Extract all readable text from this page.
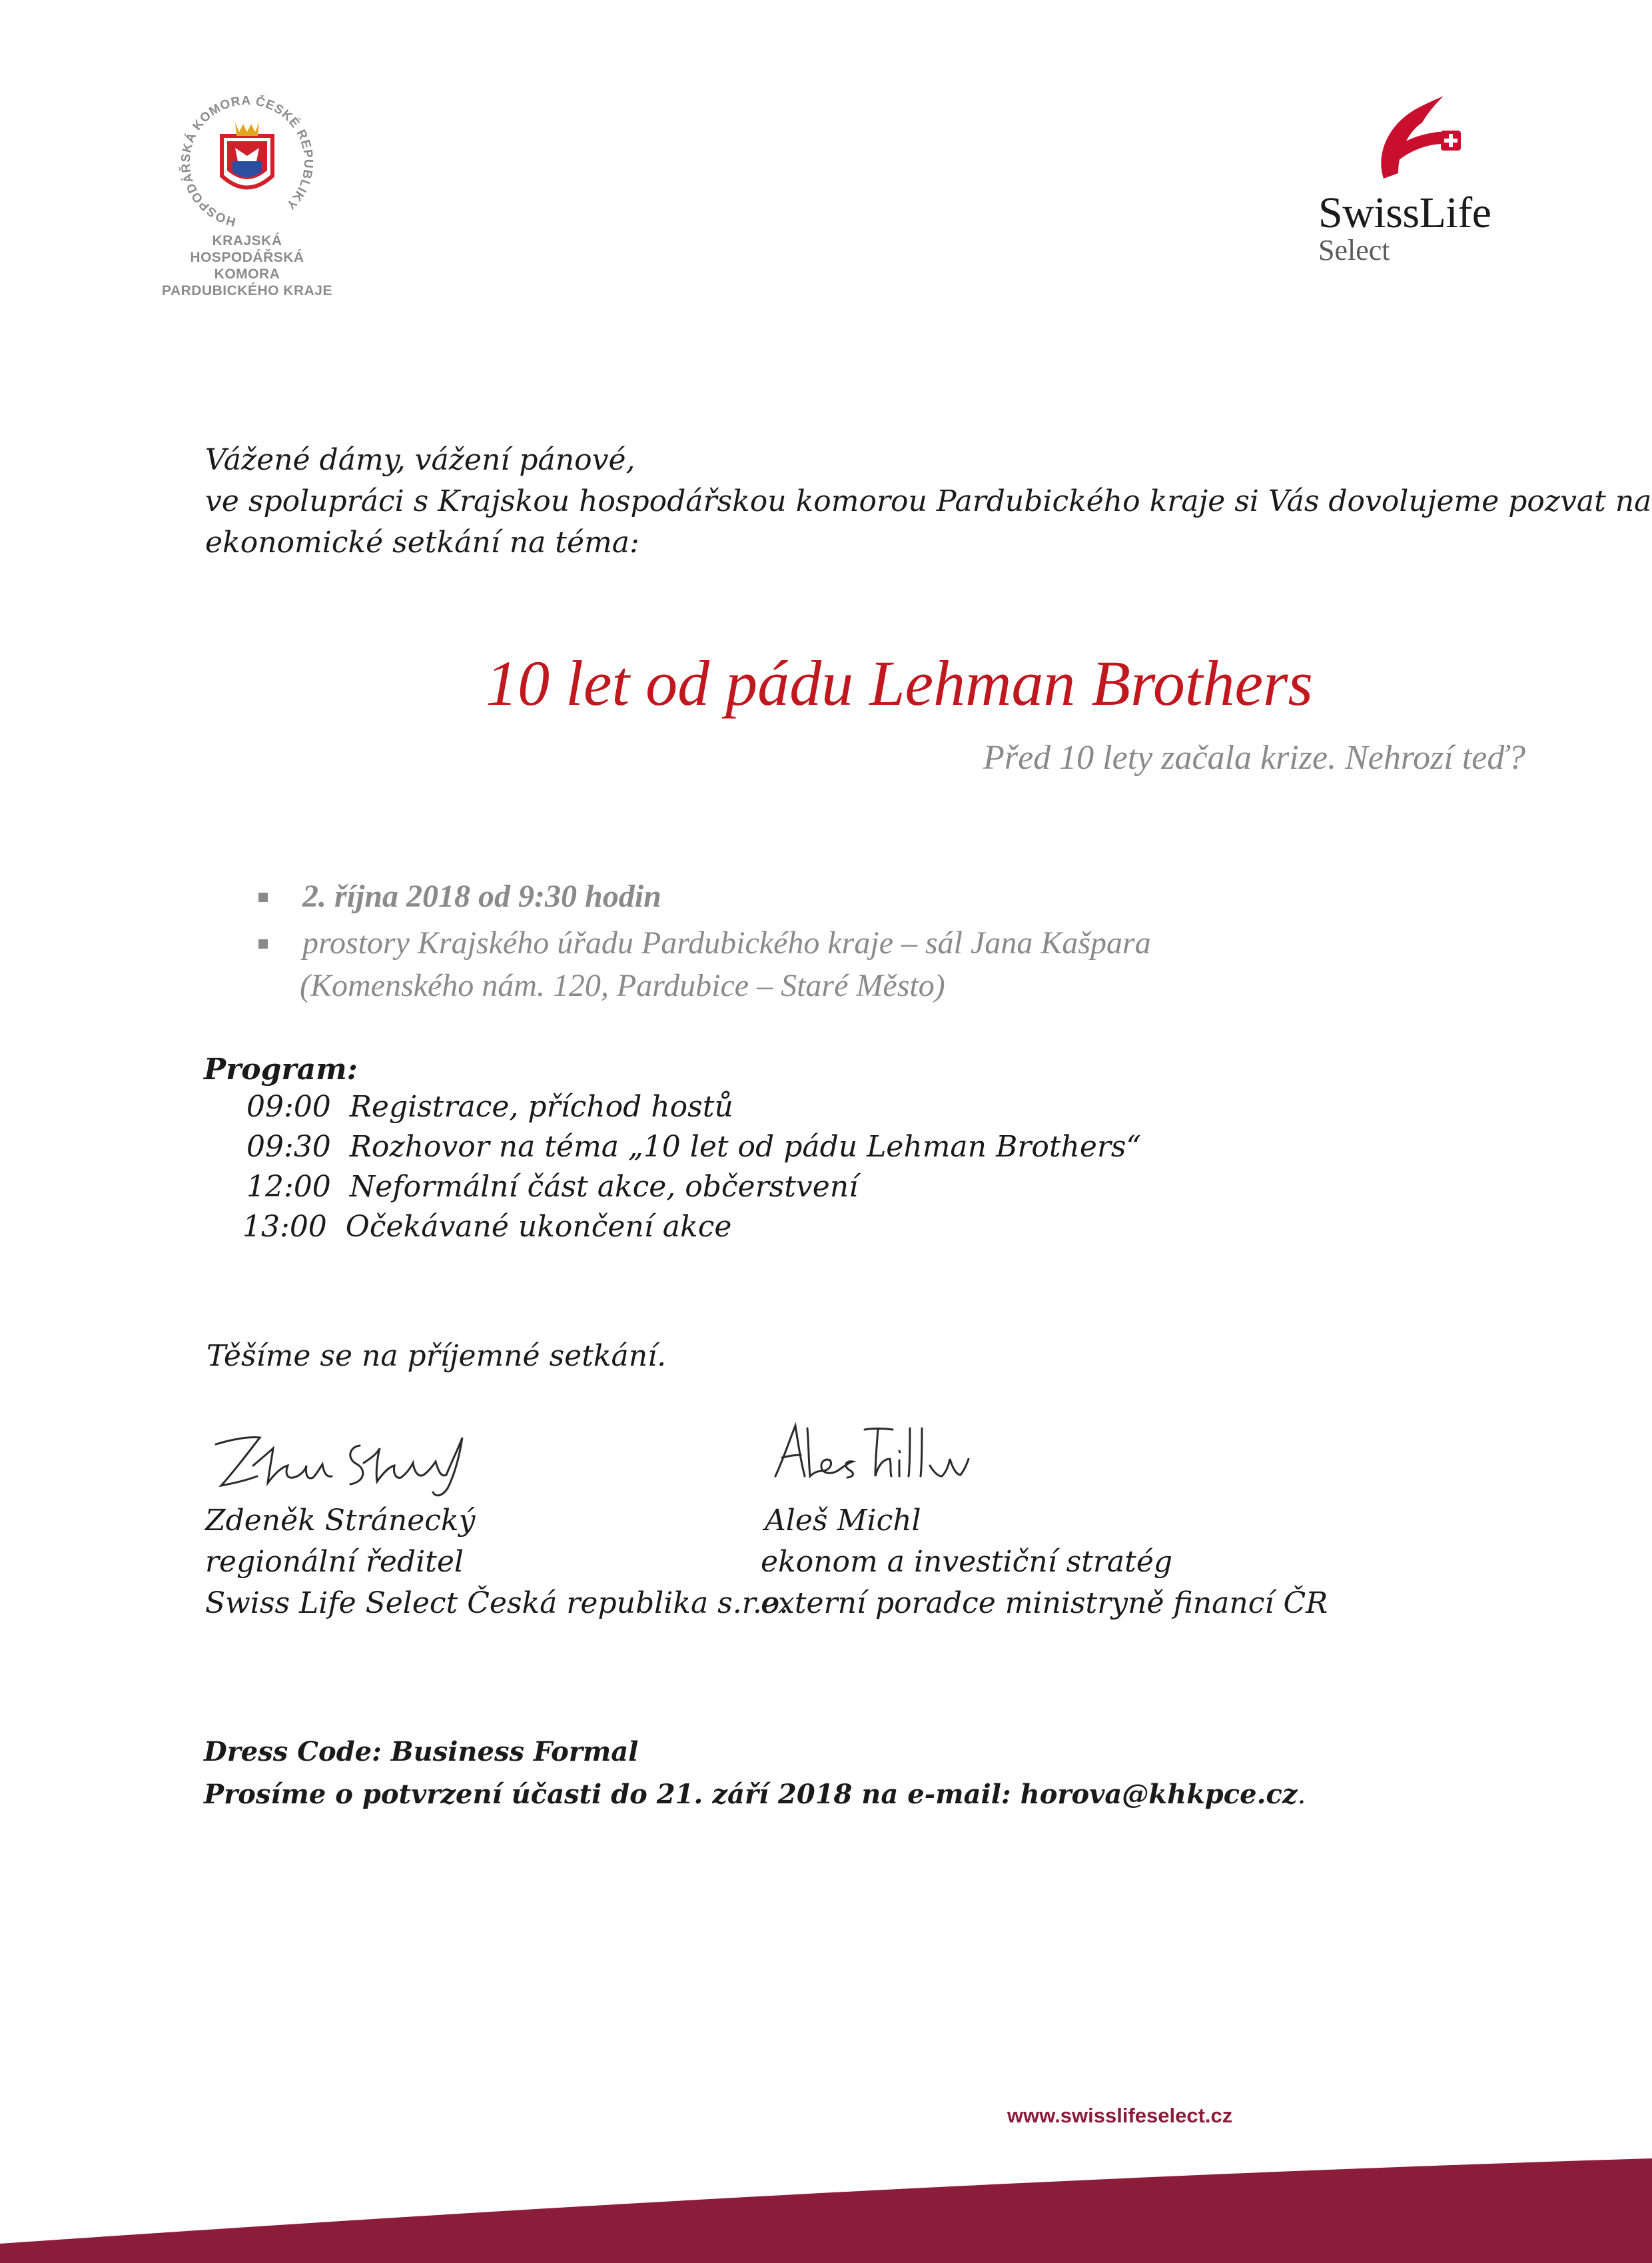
HOSPODÁŘSKÁ KOMORA ČESKÉ REPUBLIKY
KRAJSKÁ
HOSPODÁŘSKÁ KOMORA
PARDUBICKÉHO KRAJE
SwissLife
Select
Vážené dámy, vážení pánové,
ve spolupráci s Krajskou hospodářskou komorou Pardubického kraje si Vás dovolujeme pozvat na
ekonomické setkání na téma:
10 let od pádu Lehman Brothers
Před 10 lety začala krize. Nehrozí teď?
2. října 2018 od 9:30 hodin
prostory Krajského úřadu Pardubického kraje – sál Jana Kašpara
(Komenského nám. 120, Pardubice – Staré Město)
Program:
09:00 Registrace, příchod hostů
09:30 Rozhovor na téma „10 let od pádu Lehman Brothers“
12:00 Neformální část akce, občerstvení
13:00 Očekávané ukončení akce
Těšíme se na příjemné setkání.
Zdeněk Stránecký
regionální ředitel
Swiss Life Select Česká republika s.r.o.
Aleš Michl
ekonom a investiční stratég
externí poradce ministryně financí ČR
Dress Code: Business Formal
Prosíme o potvrzení účasti do 21. září 2018 na e-mail: horova@khkpce.cz.
www.swisslifeselect.cz
